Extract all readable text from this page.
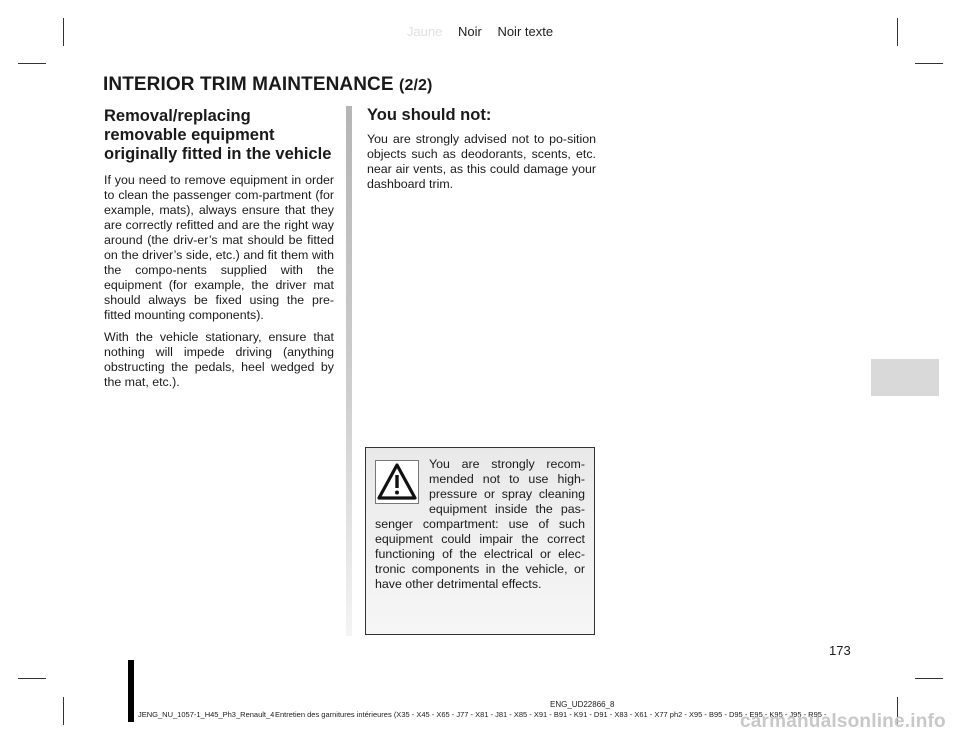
Jaune Noir Noir texte
INTERIOR TRIM MAINTENANCE (2/2)
Removal/replacing removable equipment originally fitted in the vehicle

If you need to remove equipment in order to clean the passenger com-partment (for example, mats), always ensure that they are correctly refitted and are the right way around (the driv-er’s mat should be fitted on the driver’s side, etc.) and fit them with the compo-nents supplied with the equipment (for example, the driver mat should always be fixed using the pre-fitted mounting components).

With the vehicle stationary, ensure that nothing will impede driving (anything obstructing the pedals, heel wedged by the mat, etc.).

You should not:

You are strongly advised not to po-sition objects such as deodorants, scents, etc. near air vents, as this could damage your dashboard trim.

You are strongly recom-mended not to use high-pressure or spray cleaning equipment inside the pas-senger compartment: use of such equipment could impair the correct functioning of the electrical or elec-tronic components in the vehicle, or have other detrimental effects.

173
ENG_UD22866_8
JENG_NU_1057-1_H45_Ph3_Renault_4 Entretien des garnitures intérieures (X35 - X45 - X65 - J77 - X81 - J81 - X85 - X91 - B91 - K91 - D91 - X83 - X61 - X77 ph2 - X95 - B95 - D95 - E95 - K95 - J95 - R95 -
carmanualsonline.info
